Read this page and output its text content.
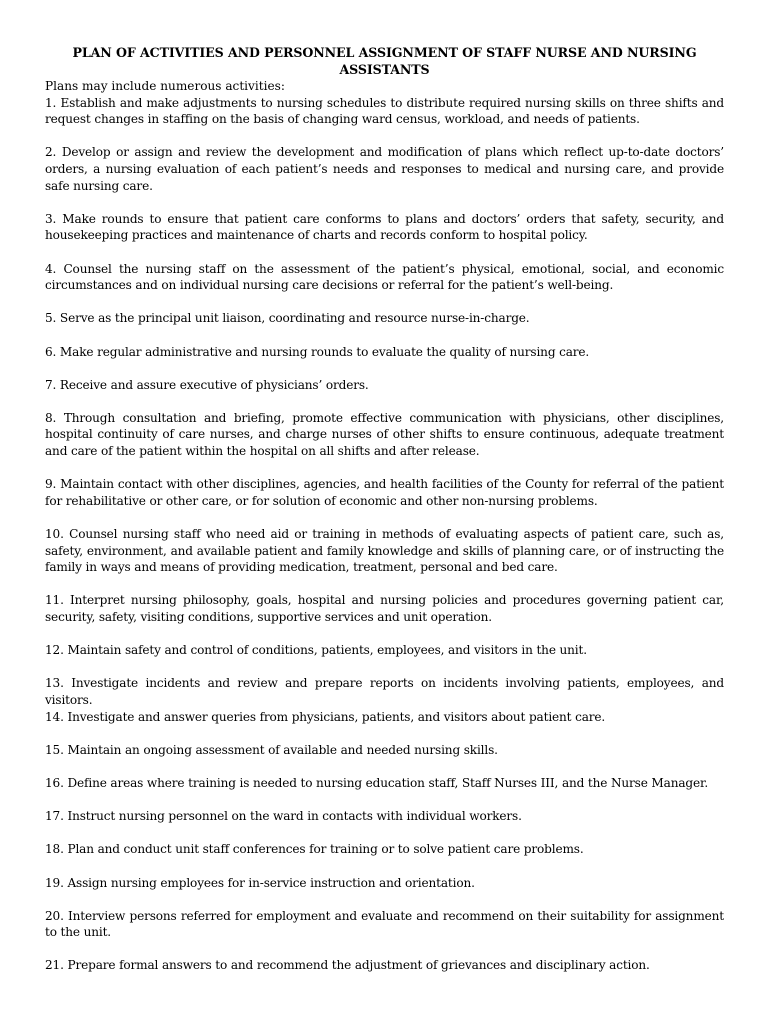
PLAN OF ACTIVITIES AND PERSONNEL ASSIGNMENT OF STAFF NURSE AND NURSING ASSISTANTS

Plans may include numerous activities:

1. Establish and make adjustments to nursing schedules to distribute required nursing skills on three shifts and request changes in staffing on the basis of changing ward census, workload, and needs of patients.

2. Develop or assign and review the development and modification of plans which reflect up-to-date doctors’ orders, a nursing evaluation of each patient’s needs and responses to medical and nursing care, and provide safe nursing care.

3. Make rounds to ensure that patient care conforms to plans and doctors’ orders that safety, security, and housekeeping practices and maintenance of charts and records conform to hospital policy.

4. Counsel the nursing staff on the assessment of the patient’s physical, emotional, social, and economic circumstances and on individual nursing care decisions or referral for the patient’s well-being.

5. Serve as the principal unit liaison, coordinating and resource nurse-in-charge.

6. Make regular administrative and nursing rounds to evaluate the quality of nursing care.

7. Receive and assure executive of physicians’ orders.

8. Through consultation and briefing, promote effective communication with physicians, other disciplines, hospital continuity of care nurses, and charge nurses of other shifts to ensure continuous, adequate treatment and care of the patient within the hospital on all shifts and after release.

9. Maintain contact with other disciplines, agencies, and health facilities of the County for referral of the patient for rehabilitative or other care, or for solution of economic and other non-nursing problems.

10. Counsel nursing staff who need aid or training in methods of evaluating aspects of patient care, such as, safety, environment, and available patient and family knowledge and skills of planning care, or of instructing the family in ways and means of providing medication, treatment, personal and bed care.

11. Interpret nursing philosophy, goals, hospital and nursing policies and procedures governing patient car, security, safety, visiting conditions, supportive services and unit operation.

12. Maintain safety and control of conditions, patients, employees, and visitors in the unit.

13. Investigate incidents and review and prepare reports on incidents involving patients, employees, and visitors.

14. Investigate and answer queries from physicians, patients, and visitors about patient care.

15. Maintain an ongoing assessment of available and needed nursing skills.

16. Define areas where training is needed to nursing education staff, Staff Nurses III, and the Nurse Manager.

17. Instruct nursing personnel on the ward in contacts with individual workers.

18. Plan and conduct unit staff conferences for training or to solve patient care problems.

19. Assign nursing employees for in-service instruction and orientation.

20. Interview persons referred for employment and evaluate and recommend on their suitability for assignment to the unit.

21. Prepare formal answers to and recommend the adjustment of grievances and disciplinary action.
